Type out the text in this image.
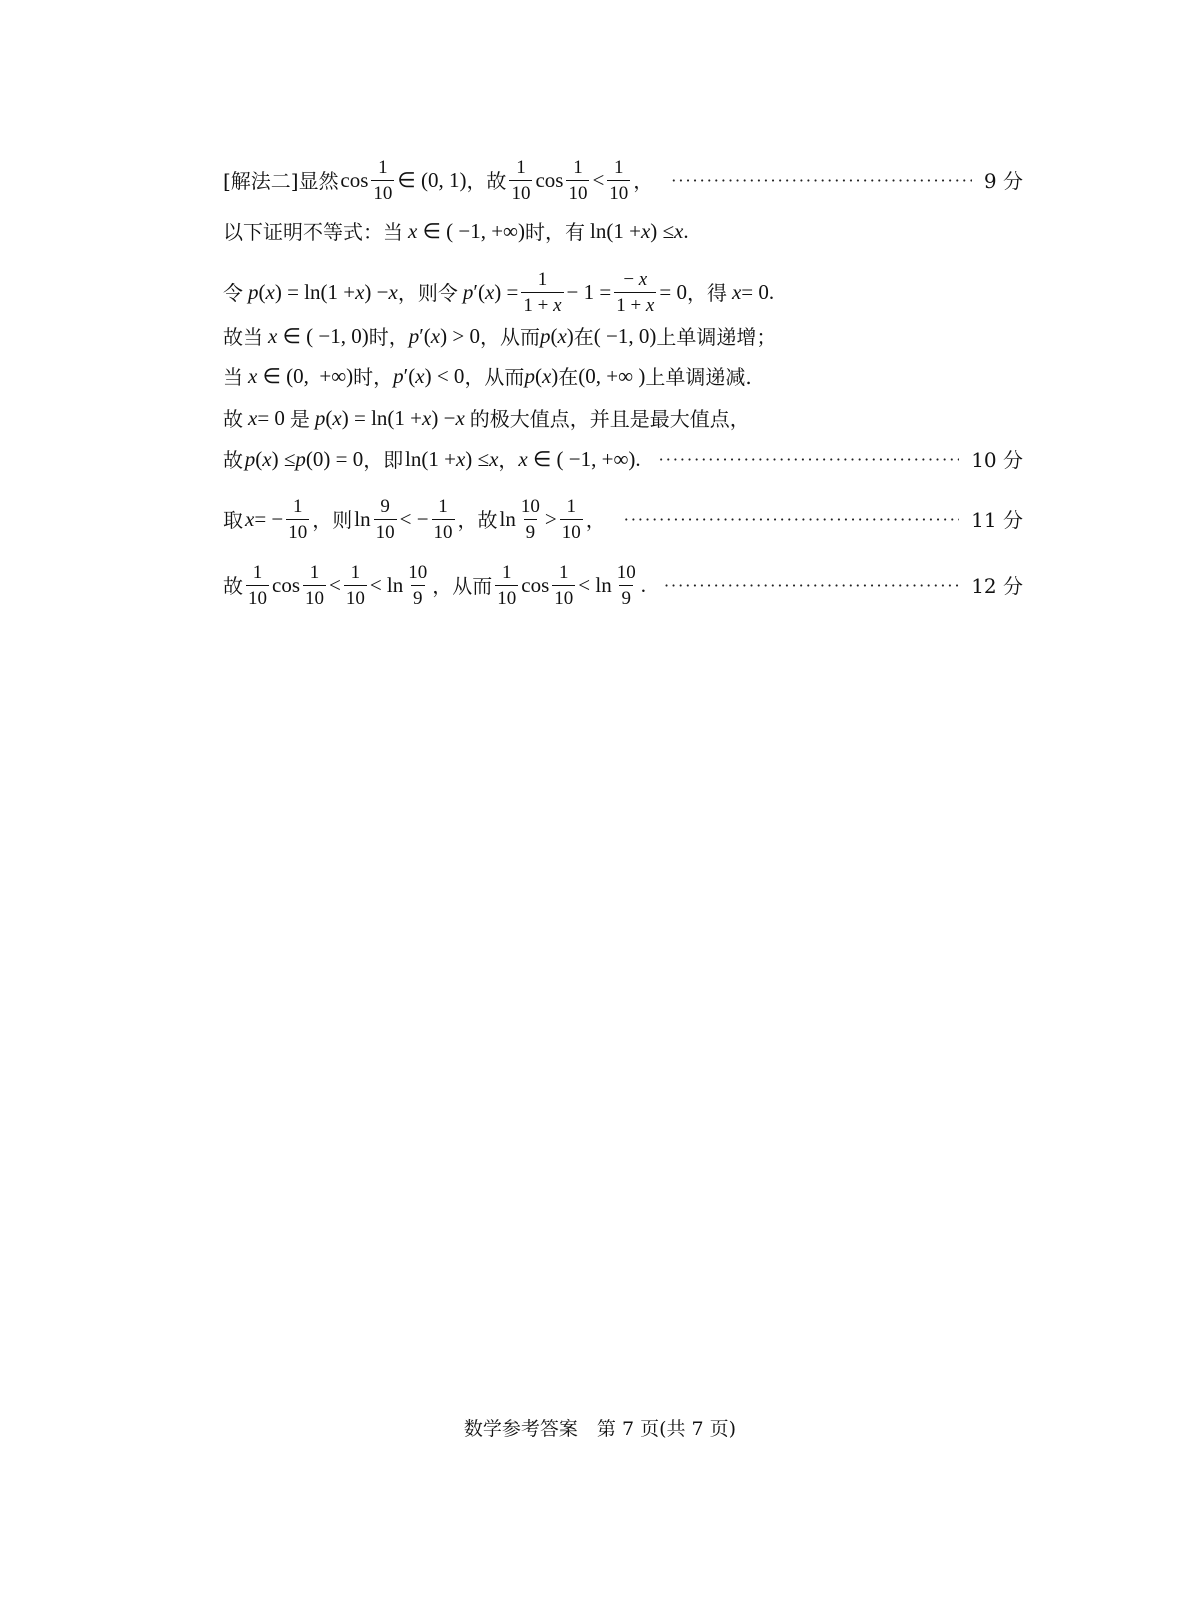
[解法二]显然 $\cos \frac{1}{10}$ ∈ (0, 1) ，故 $\frac{1}{10}$ $\cos \frac{1}{10} < \frac{1}{10}$ ， ·····	9 分
以下证明不等式：当 x ∈ ( −1, +∞) 时，有 ln(1 + x ) ≤ x .
令 p ( x ) = ln(1 + x ) − x ，则令 p ′( x ) = $\frac{1}{1 + x} - 1 = \frac{- x}{1 + x} = 0$ ，得 x = 0.
故当 x ∈ ( −1, 0) 时， p ′( x ) > 0 ，从而 p ( x ) 在 ( −1, 0) 上单调递增；
当 x ∈ (0,  +∞) 时， p ′( x ) < 0 ，从而 p ( x ) 在 (0, +∞ ) 上单调递减.
故 x = 0 是 p ( x ) = ln(1 + x ) − x 的极大值点，并且是最大值点，
故 p ( x ) ≤ p (0) = 0 ，即 ln(1 + x ) ≤ x ， x ∈ ( −1, +∞). ·····	10 分
取 x = − $\frac{1}{10}$ ，则 $\ln \frac{9}{10}$ < − $\frac{1}{10}$ ，故 $\ln \frac{10}{9} > \frac{1}{10}$ ， ·····	11 分
故 $\frac{1}{10}$ $\cos \frac{1}{10} < \frac{1}{10} < \ln \frac{10}{9}$ ，从而 $\frac{1}{10}$ $\cos \frac{1}{10} < \ln \frac{10}{9}$ . ·····	12 分
数学参考答案　第 7 页(共 7 页)
